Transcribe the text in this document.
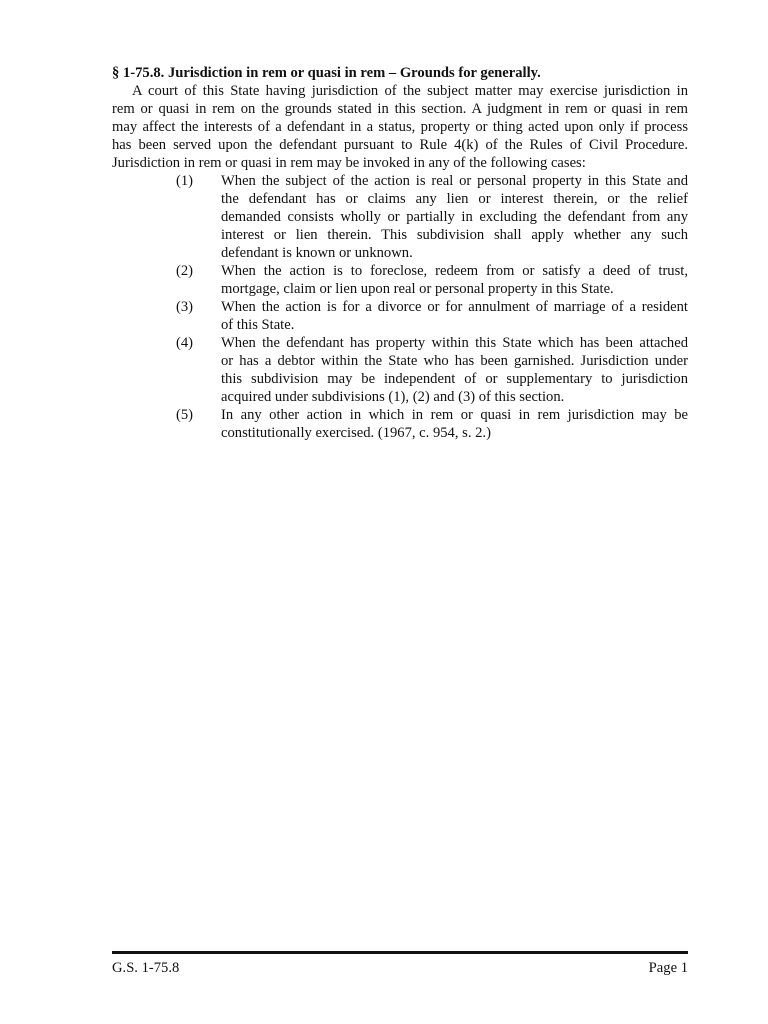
§ 1-75.8. Jurisdiction in rem or quasi in rem – Grounds for generally.
A court of this State having jurisdiction of the subject matter may exercise jurisdiction in
rem or quasi in rem on the grounds stated in this section. A judgment in rem or quasi in rem
may affect the interests of a defendant in a status, property or thing acted upon only if process
has been served upon the defendant pursuant to Rule 4(k) of the Rules of Civil Procedure.
Jurisdiction in rem or quasi in rem may be invoked in any of the following cases:
(1)	When the subject of the action is real or personal property in this State and
the defendant has or claims any lien or interest therein, or the relief
demanded consists wholly or partially in excluding the defendant from any
interest or lien therein. This subdivision shall apply whether any such
defendant is known or unknown.
(2)	When the action is to foreclose, redeem from or satisfy a deed of trust,
mortgage, claim or lien upon real or personal property in this State.
(3)	When the action is for a divorce or for annulment of marriage of a resident
of this State.
(4)	When the defendant has property within this State which has been attached
or has a debtor within the State who has been garnished. Jurisdiction under
this subdivision may be independent of or supplementary to jurisdiction
acquired under subdivisions (1), (2) and (3) of this section.
(5)	In any other action in which in rem or quasi in rem jurisdiction may be
constitutionally exercised. (1967, c. 954, s. 2.)
G.S. 1-75.8	Page 1
